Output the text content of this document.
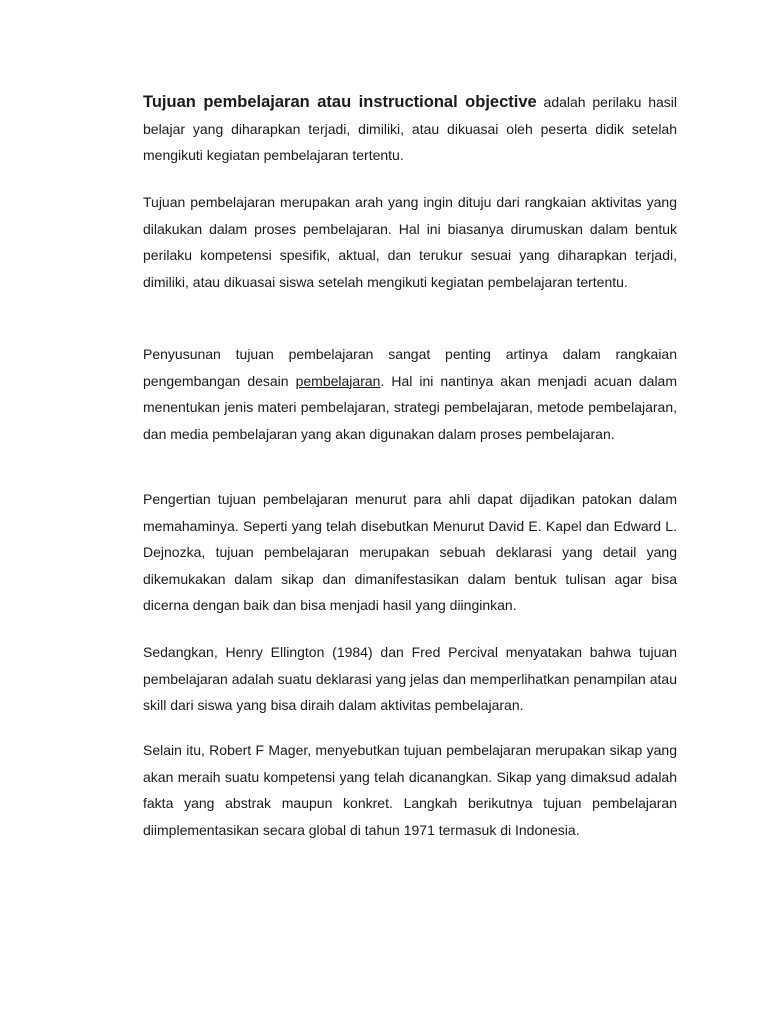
Tujuan pembelajaran atau instructional objective adalah perilaku hasil belajar yang diharapkan terjadi, dimiliki, atau dikuasai oleh peserta didik setelah mengikuti kegiatan pembelajaran tertentu.

Tujuan pembelajaran merupakan arah yang ingin dituju dari rangkaian aktivitas yang dilakukan dalam proses pembelajaran. Hal ini biasanya dirumuskan dalam bentuk perilaku kompetensi spesifik, aktual, dan terukur sesuai yang diharapkan terjadi, dimiliki, atau dikuasai siswa setelah mengikuti kegiatan pembelajaran tertentu.

Penyusunan tujuan pembelajaran sangat penting artinya dalam rangkaian pengembangan desain pembelajaran. Hal ini nantinya akan menjadi acuan dalam menentukan jenis materi pembelajaran, strategi pembelajaran, metode pembelajaran, dan media pembelajaran yang akan digunakan dalam proses pembelajaran.

Pengertian tujuan pembelajaran menurut para ahli dapat dijadikan patokan dalam memahaminya. Seperti yang telah disebutkan Menurut David E. Kapel dan Edward L. Dejnozka, tujuan pembelajaran merupakan sebuah deklarasi yang detail yang dikemukakan dalam sikap dan dimanifestasikan dalam bentuk tulisan agar bisa dicerna dengan baik dan bisa menjadi hasil yang diinginkan.

Sedangkan, Henry Ellington (1984) dan Fred Percival menyatakan bahwa tujuan pembelajaran adalah suatu deklarasi yang jelas dan memperlihatkan penampilan atau skill dari siswa yang bisa diraih dalam aktivitas pembelajaran.

Selain itu, Robert F Mager, menyebutkan tujuan pembelajaran merupakan sikap yang akan meraih suatu kompetensi yang telah dicanangkan. Sikap yang dimaksud adalah fakta yang abstrak maupun konkret. Langkah berikutnya tujuan pembelajaran diimplementasikan secara global di tahun 1971 termasuk di Indonesia.
